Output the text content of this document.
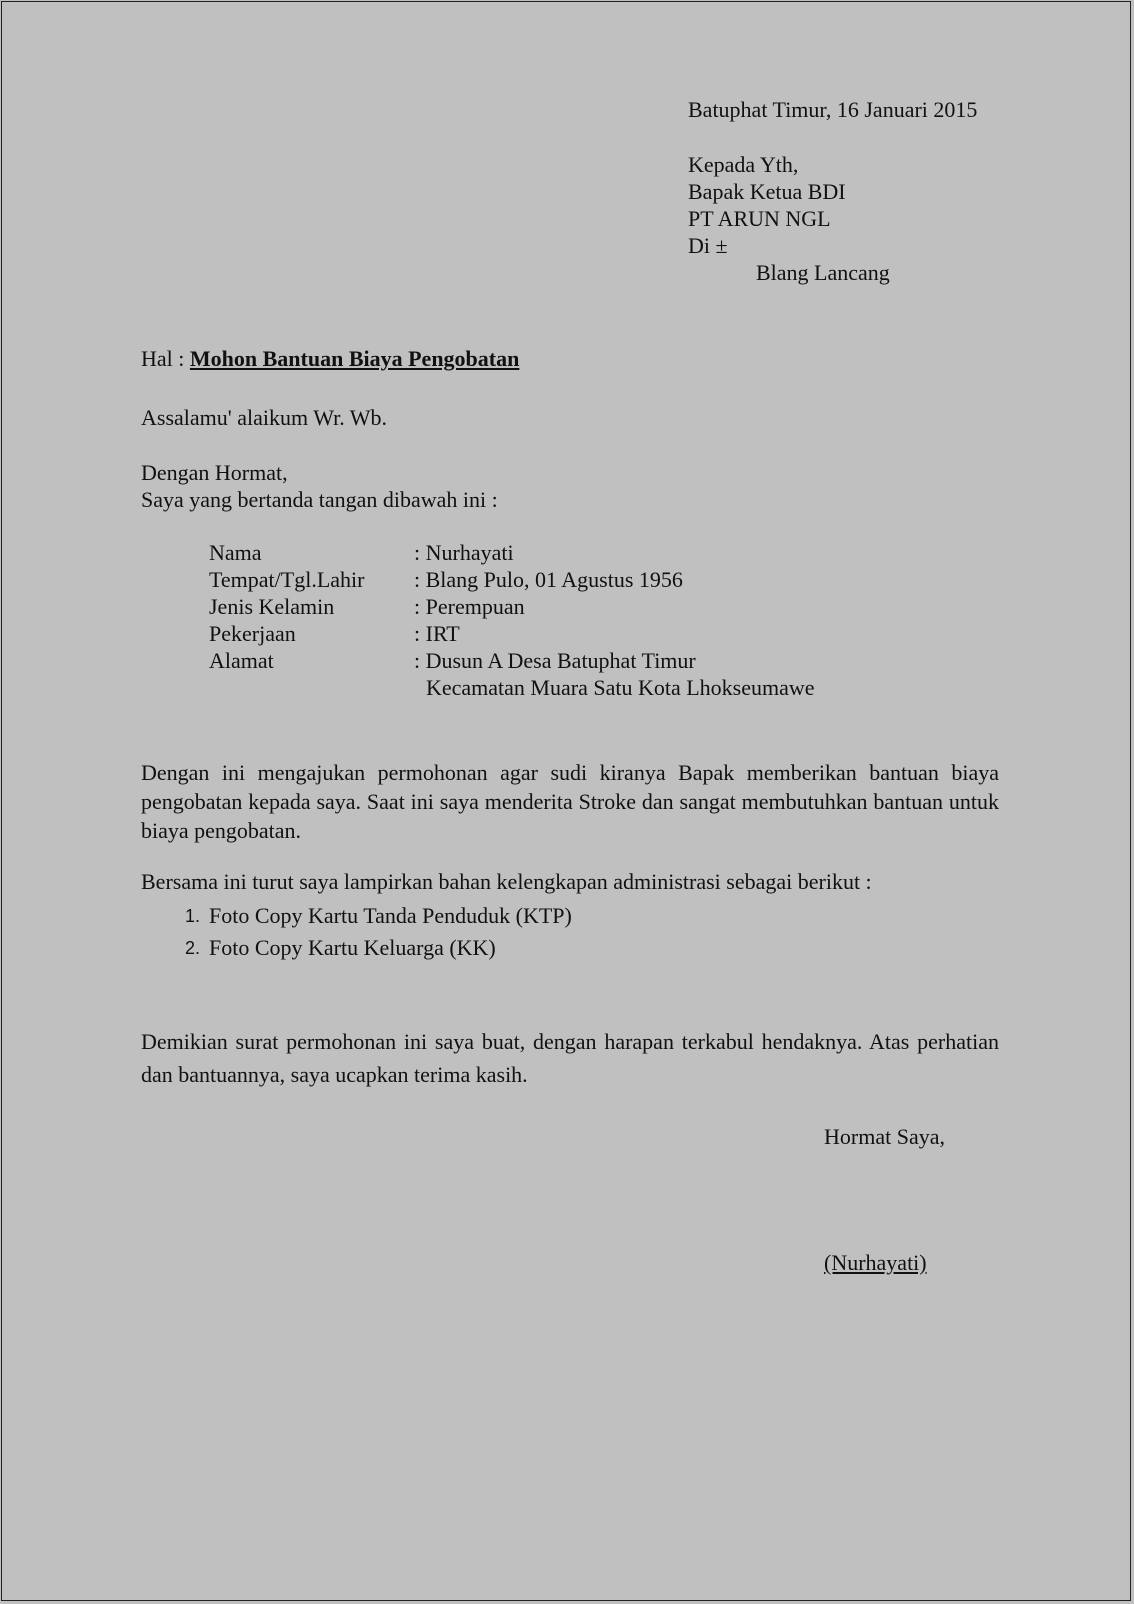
Batuphat Timur, 16 Januari 2015
Kepada Yth,
Bapak Ketua BDI
PT ARUN NGL
Di ±
Blang Lancang
Hal : Mohon Bantuan Biaya Pengobatan
Assalamu' alaikum Wr. Wb.
Dengan Hormat,
Saya yang bertanda tangan dibawah ini :
Nama	: Nurhayati
Tempat/Tgl.Lahir	: Blang Pulo, 01 Agustus 1956
Jenis Kelamin	: Perempuan
Pekerjaan	: IRT
Alamat	: Dusun A Desa Batuphat Timur
Kecamatan Muara Satu Kota Lhokseumawe
Dengan ini mengajukan permohonan agar sudi kiranya Bapak memberikan bantuan biaya pengobatan kepada saya. Saat ini saya menderita Stroke dan sangat membutuhkan bantuan untuk biaya pengobatan.
Bersama ini turut saya lampirkan bahan kelengkapan administrasi sebagai berikut :
1. Foto Copy Kartu Tanda Penduduk (KTP)
2. Foto Copy Kartu Keluarga (KK)
Demikian surat permohonan ini saya buat, dengan harapan terkabul hendaknya. Atas perhatian dan bantuannya, saya ucapkan terima kasih.
Hormat Saya,
(Nurhayati)
